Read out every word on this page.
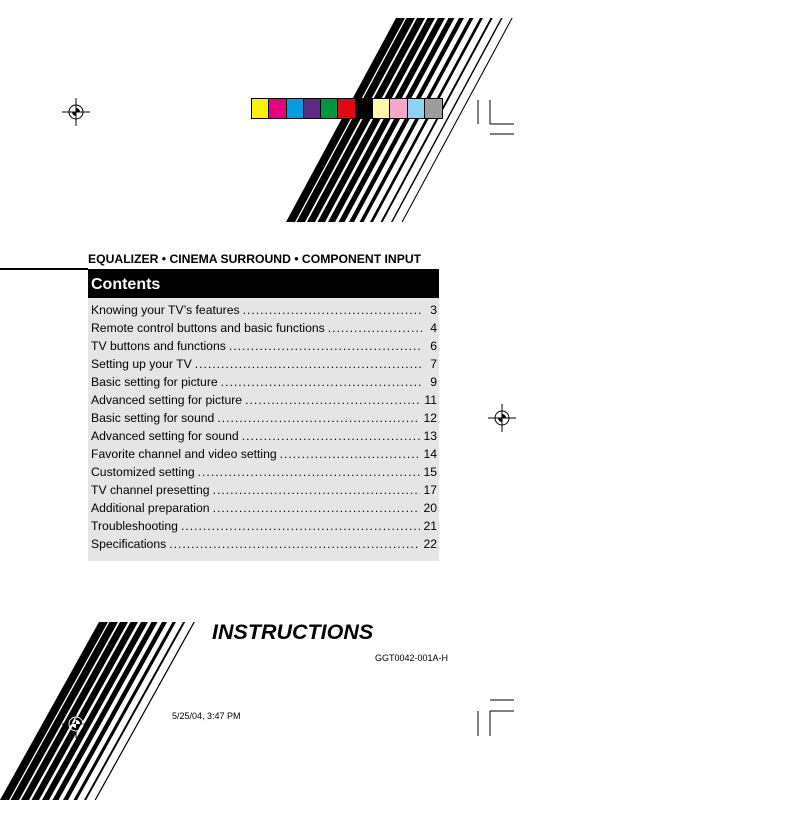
EQUALIZER • CINEMA SURROUND • COMPONENT INPUT
Contents
Knowing your TV’s features .....	3
Remote control buttons and basic functions .....	4
TV buttons and functions .....	6
Setting up your TV .....	7
Basic setting for picture .....	9
Advanced setting for picture .....	11
Basic setting for sound .....	12
Advanced setting for sound .....	13
Favorite channel and video setting .....	14
Customized setting .....	15
TV channel presetting .....	17
Additional preparation .....	20
Troubleshooting .....	21
Specifications .....	22
INSTRUCTIONS
GGT0042-001A-H
5/25/04, 3:47 PM
